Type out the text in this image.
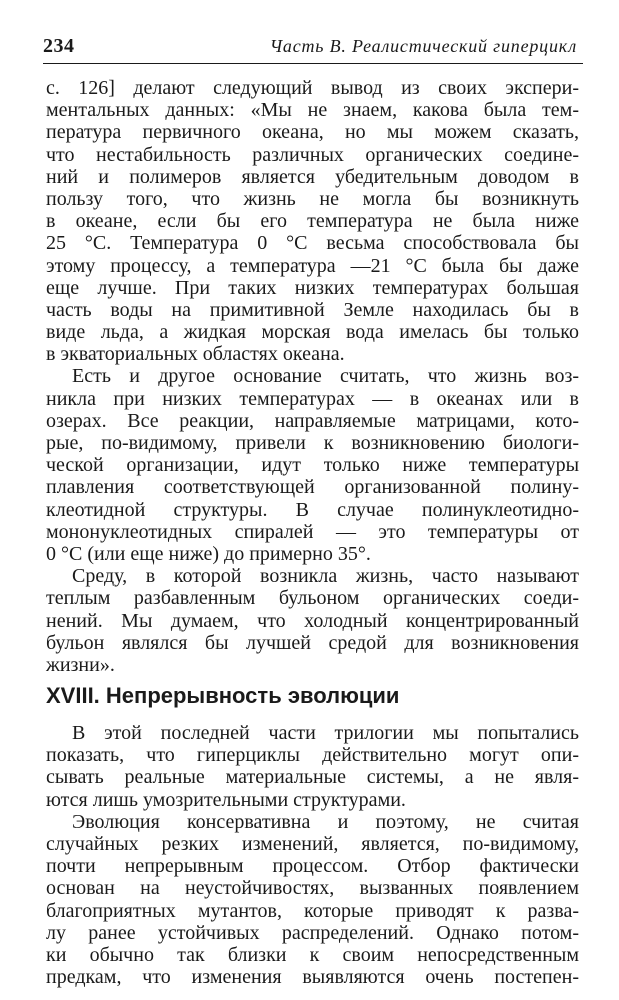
234	Часть В. Реалистический гиперцикл
с. 126] делают следующий вывод из своих экспери-
ментальных данных: «Мы не знаем, какова была тем-
пература первичного океана, но мы можем сказать,
что нестабильность различных органических соедине-
ний и полимеров является убедительным доводом в
пользу того, что жизнь не могла бы возникнуть
в океане, если бы его температура не была ниже
25 °С. Температура 0 °С весьма способствовала бы
этому процессу, а температура —21 °С была бы даже
еще лучше. При таких низких температурах большая
часть воды на примитивной Земле находилась бы в
виде льда, а жидкая морская вода имелась бы только
в экваториальных областях океана.
Есть и другое основание считать, что жизнь воз-
никла при низких температурах — в океанах или в
озерах. Все реакции, направляемые матрицами, кото-
рые, по-видимому, привели к возникновению биологи-
ческой организации, идут только ниже температуры
плавления соответствующей организованной полину-
клеотидной структуры. В случае полинуклеотидно-
мононуклеотидных спиралей — это температуры от
0 °С (или еще ниже) до примерно 35°.
Среду, в которой возникла жизнь, часто называют
теплым разбавленным бульоном органических соеди-
нений. Мы думаем, что холодный концентрированный
бульон являлся бы лучшей средой для возникновения
жизни».
XVIII. Непрерывность эволюции
В этой последней части трилогии мы попытались
показать, что гиперциклы действительно могут опи-
сывать реальные материальные системы, а не явля-
ются лишь умозрительными структурами.
Эволюция консервативна и поэтому, не считая
случайных резких изменений, является, по-видимому,
почти непрерывным процессом. Отбор фактически
основан на неустойчивостях, вызванных появлением
благоприятных мутантов, которые приводят к разва-
лу ранее устойчивых распределений. Однако потом-
ки обычно так близки к своим непосредственным
предкам, что изменения выявляются очень постепен-
